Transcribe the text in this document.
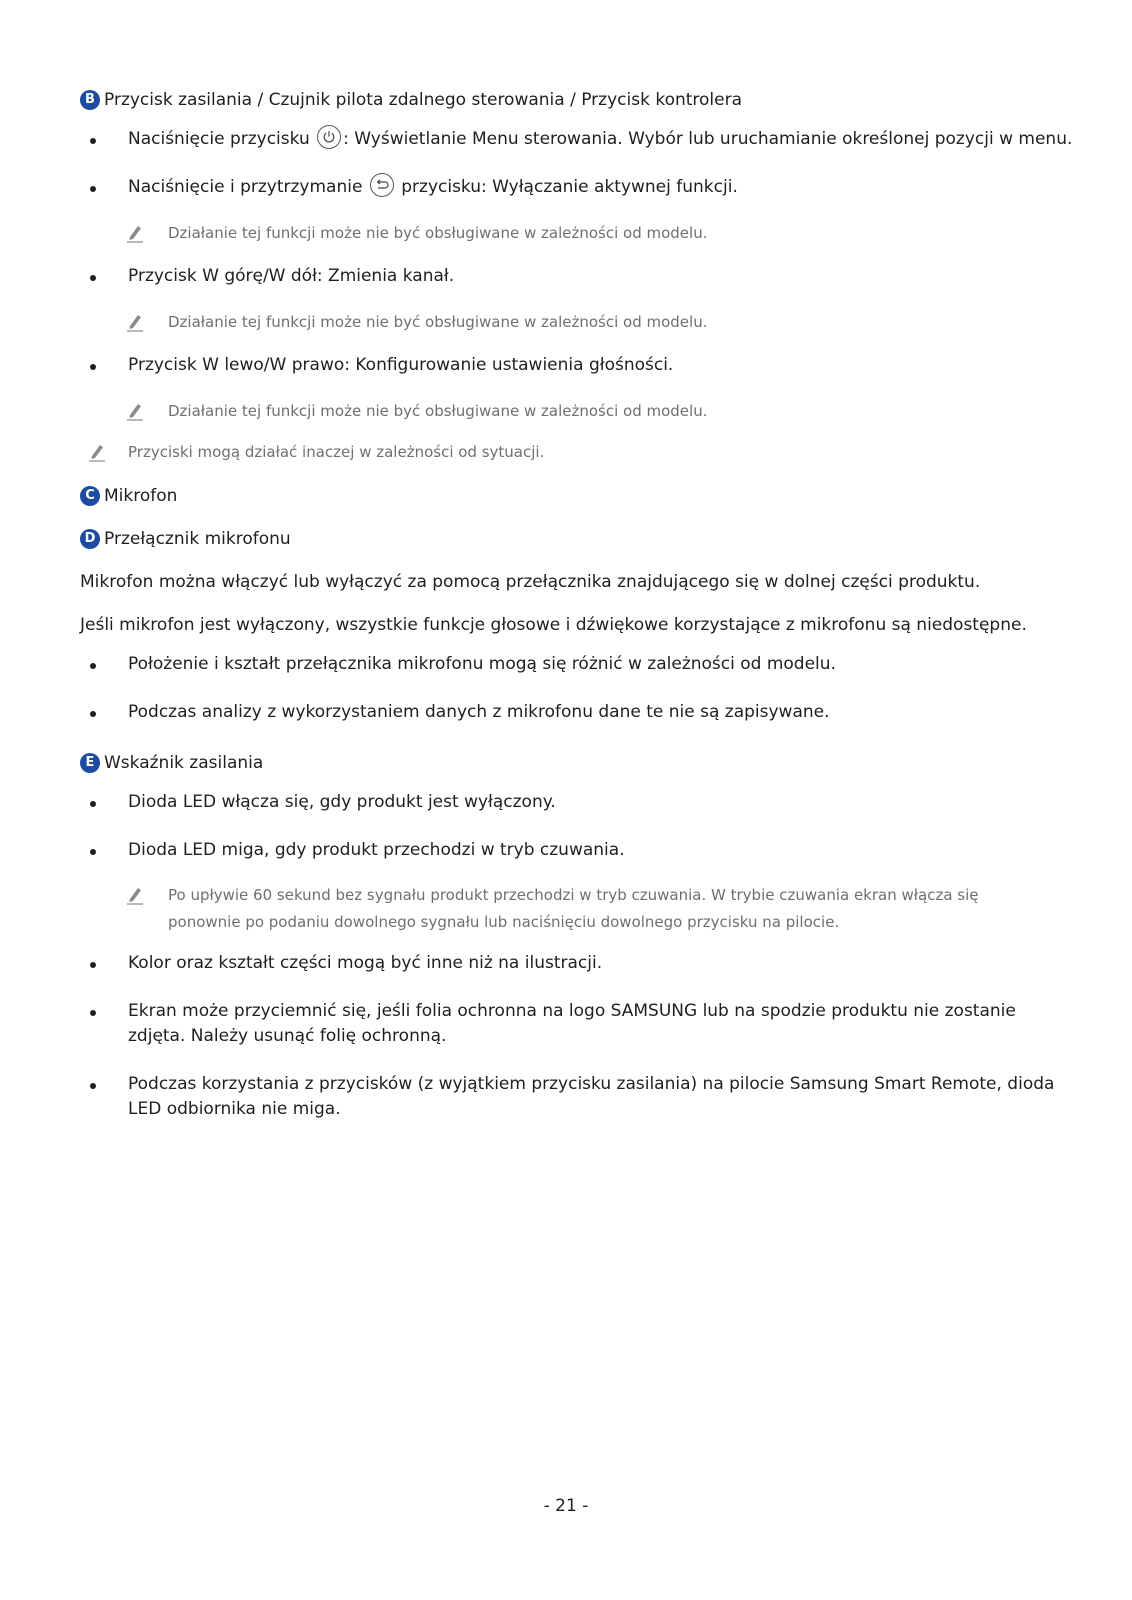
B Przycisk zasilania / Czujnik pilota zdalnego sterowania / Przycisk kontrolera
Naciśnięcie przycisku : Wyświetlanie Menu sterowania. Wybór lub uruchamianie określonej pozycji w menu.
Naciśnięcie i przytrzymanie przycisku: Wyłączanie aktywnej funkcji.
Działanie tej funkcji może nie być obsługiwane w zależności od modelu.
Przycisk W górę/W dół: Zmienia kanał.
Działanie tej funkcji może nie być obsługiwane w zależności od modelu.
Przycisk W lewo/W prawo: Konfigurowanie ustawienia głośności.
Działanie tej funkcji może nie być obsługiwane w zależności od modelu.
Przyciski mogą działać inaczej w zależności od sytuacji.
C Mikrofon
D Przełącznik mikrofonu
Mikrofon można włączyć lub wyłączyć za pomocą przełącznika znajdującego się w dolnej części produktu.
Jeśli mikrofon jest wyłączony, wszystkie funkcje głosowe i dźwiękowe korzystające z mikrofonu są niedostępne.
Położenie i kształt przełącznika mikrofonu mogą się różnić w zależności od modelu.
Podczas analizy z wykorzystaniem danych z mikrofonu dane te nie są zapisywane.
E Wskaźnik zasilania
Dioda LED włącza się, gdy produkt jest wyłączony.
Dioda LED miga, gdy produkt przechodzi w tryb czuwania.
Po upływie 60 sekund bez sygnału produkt przechodzi w tryb czuwania. W trybie czuwania ekran włącza się ponownie po podaniu dowolnego sygnału lub naciśnięciu dowolnego przycisku na pilocie.
Kolor oraz kształt części mogą być inne niż na ilustracji.
Ekran może przyciemnić się, jeśli folia ochronna na logo SAMSUNG lub na spodzie produktu nie zostanie zdjęta. Należy usunąć folię ochronną.
Podczas korzystania z przycisków (z wyjątkiem przycisku zasilania) na pilocie Samsung Smart Remote, dioda LED odbiornika nie miga.
- 21 -
